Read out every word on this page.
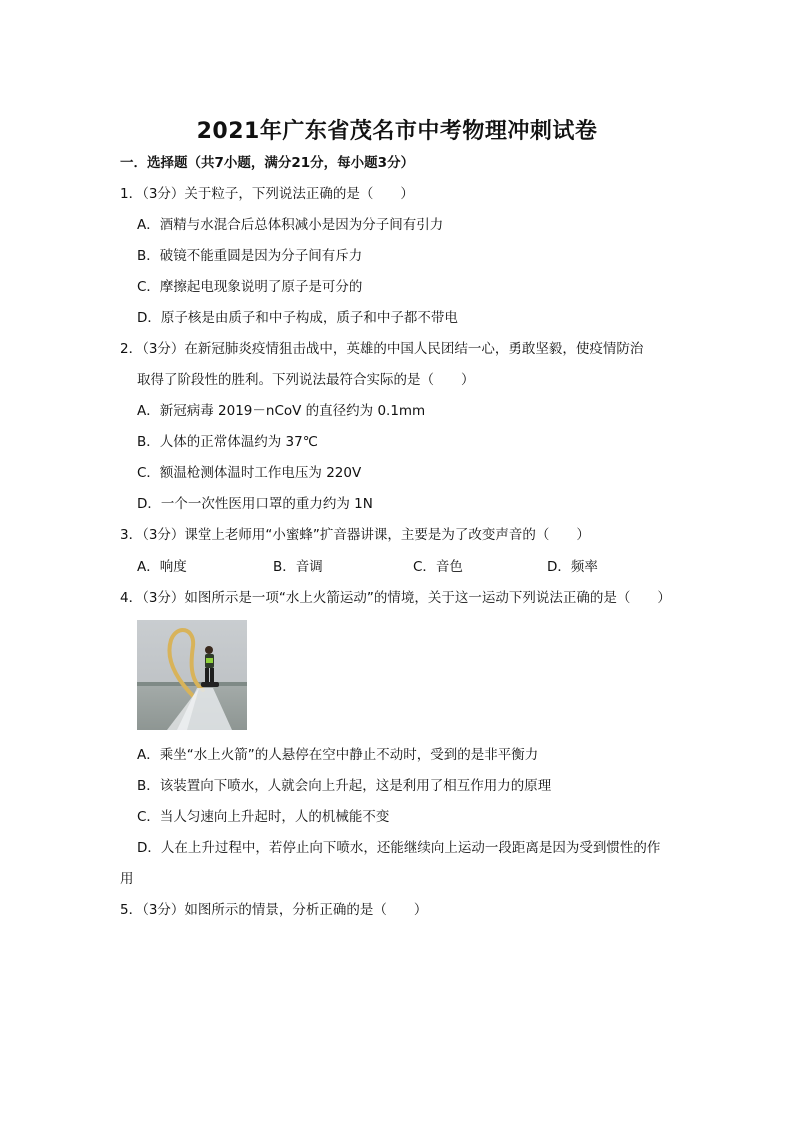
2021年广东省茂名市中考物理冲刺试卷
一．选择题（共7小题，满分21分，每小题3分）
1．（3分）关于粒子，下列说法正确的是（　　）
A．酒精与水混合后总体积减小是因为分子间有引力
B．破镜不能重圆是因为分子间有斥力
C．摩擦起电现象说明了原子是可分的
D．原子核是由质子和中子构成，质子和中子都不带电
2．（3分）在新冠肺炎疫情狙击战中，英雄的中国人民团结一心，勇敢坚毅，使疫情防治
取得了阶段性的胜利。下列说法最符合实际的是（　　）
A．新冠病毒 2019－nCoV 的直径约为 0.1mm
B．人体的正常体温约为 37℃
C．额温枪测体温时工作电压为 220V
D．一个一次性医用口罩的重力约为 1N
3．（3分）课堂上老师用“小蜜蜂”扩音器讲课，主要是为了改变声音的（　　）
A．响度	B．音调	C．音色	D．频率
4．（3分）如图所示是一项“水上火箭运动”的情境，关于这一运动下列说法正确的是（　　）
A．乘坐“水上火箭”的人悬停在空中静止不动时，受到的是非平衡力
B．该装置向下喷水，人就会向上升起，这是利用了相互作用力的原理
C．当人匀速向上升起时，人的机械能不变
D．人在上升过程中，若停止向下喷水，还能继续向上运动一段距离是因为受到惯性的作
用
5．（3分）如图所示的情景，分析正确的是（　　）
